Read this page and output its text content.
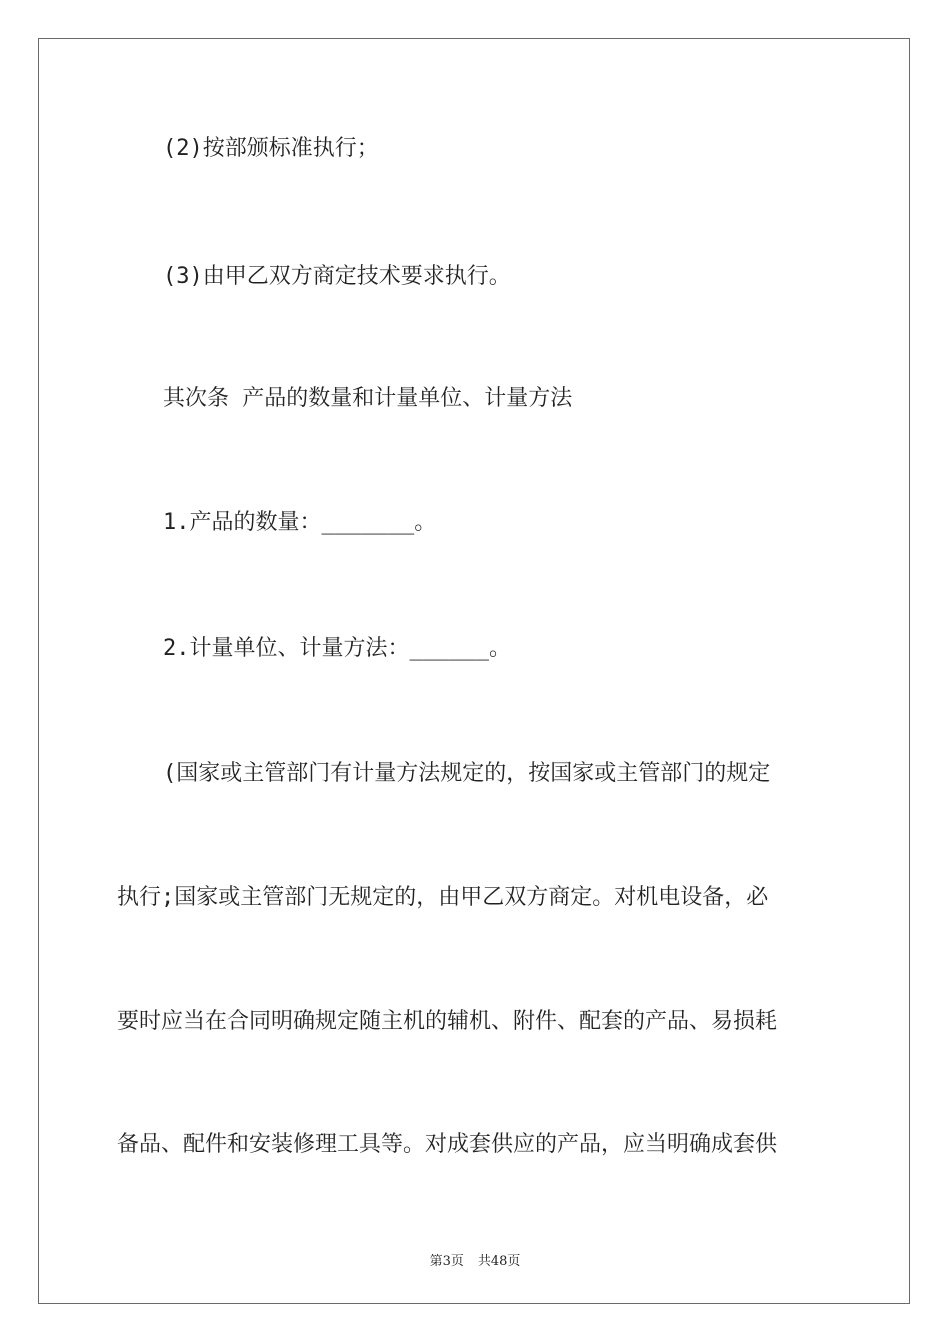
(2)按部颁标准执行；
(3)由甲乙双方商定技术要求执行。
其次条 产品的数量和计量单位、计量方法
1.产品的数量：_______。
2.计量单位、计量方法：______。
(国家或主管部门有计量方法规定的，按国家或主管部门的规定
执行;国家或主管部门无规定的，由甲乙双方商定。对机电设备，必
要时应当在合同明确规定随主机的辅机、附件、配套的产品、易损耗
备品、配件和安装修理工具等。对成套供应的产品，应当明确成套供
第3页 共48页
